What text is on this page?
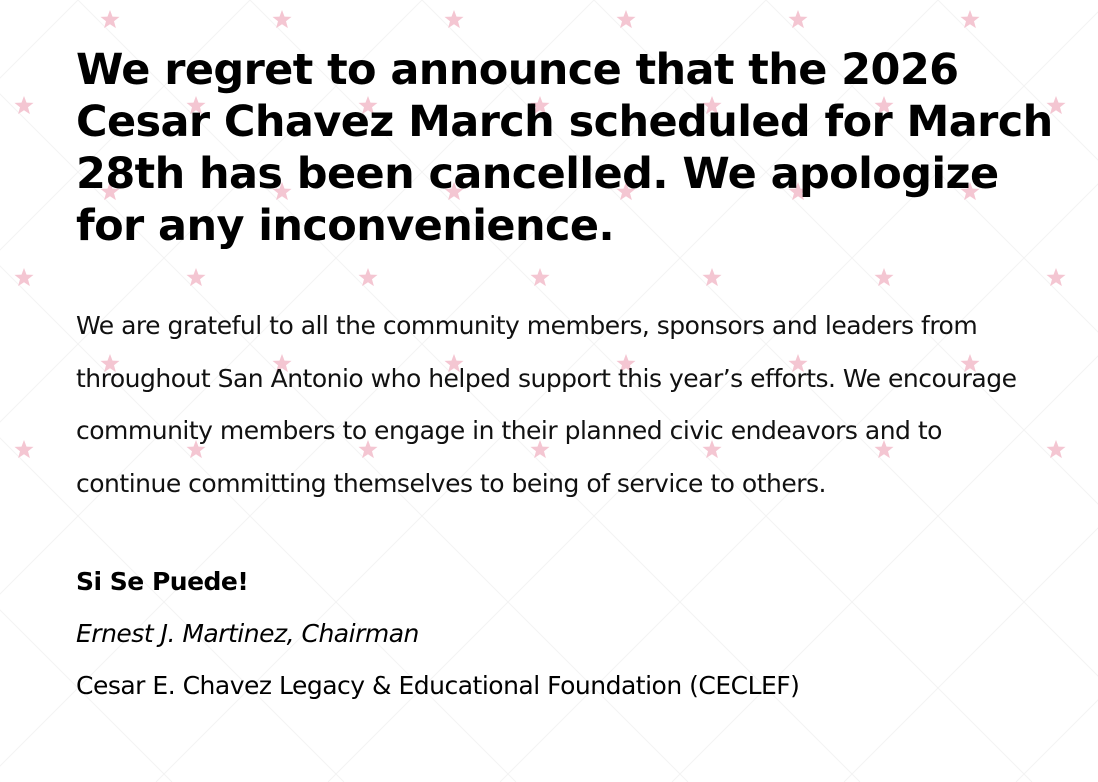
We regret to announce that the 2026 Cesar Chavez March scheduled for March 28th has been cancelled. We apologize for any inconvenience.

We are grateful to all the community members, sponsors and leaders from throughout San Antonio who helped support this year’s efforts. We encourage community members to engage in their planned civic endeavors and to continue committing themselves to being of service to others.

Si Se Puede!

Ernest J. Martinez, Chairman

Cesar E. Chavez Legacy & Educational Foundation (CECLEF)
